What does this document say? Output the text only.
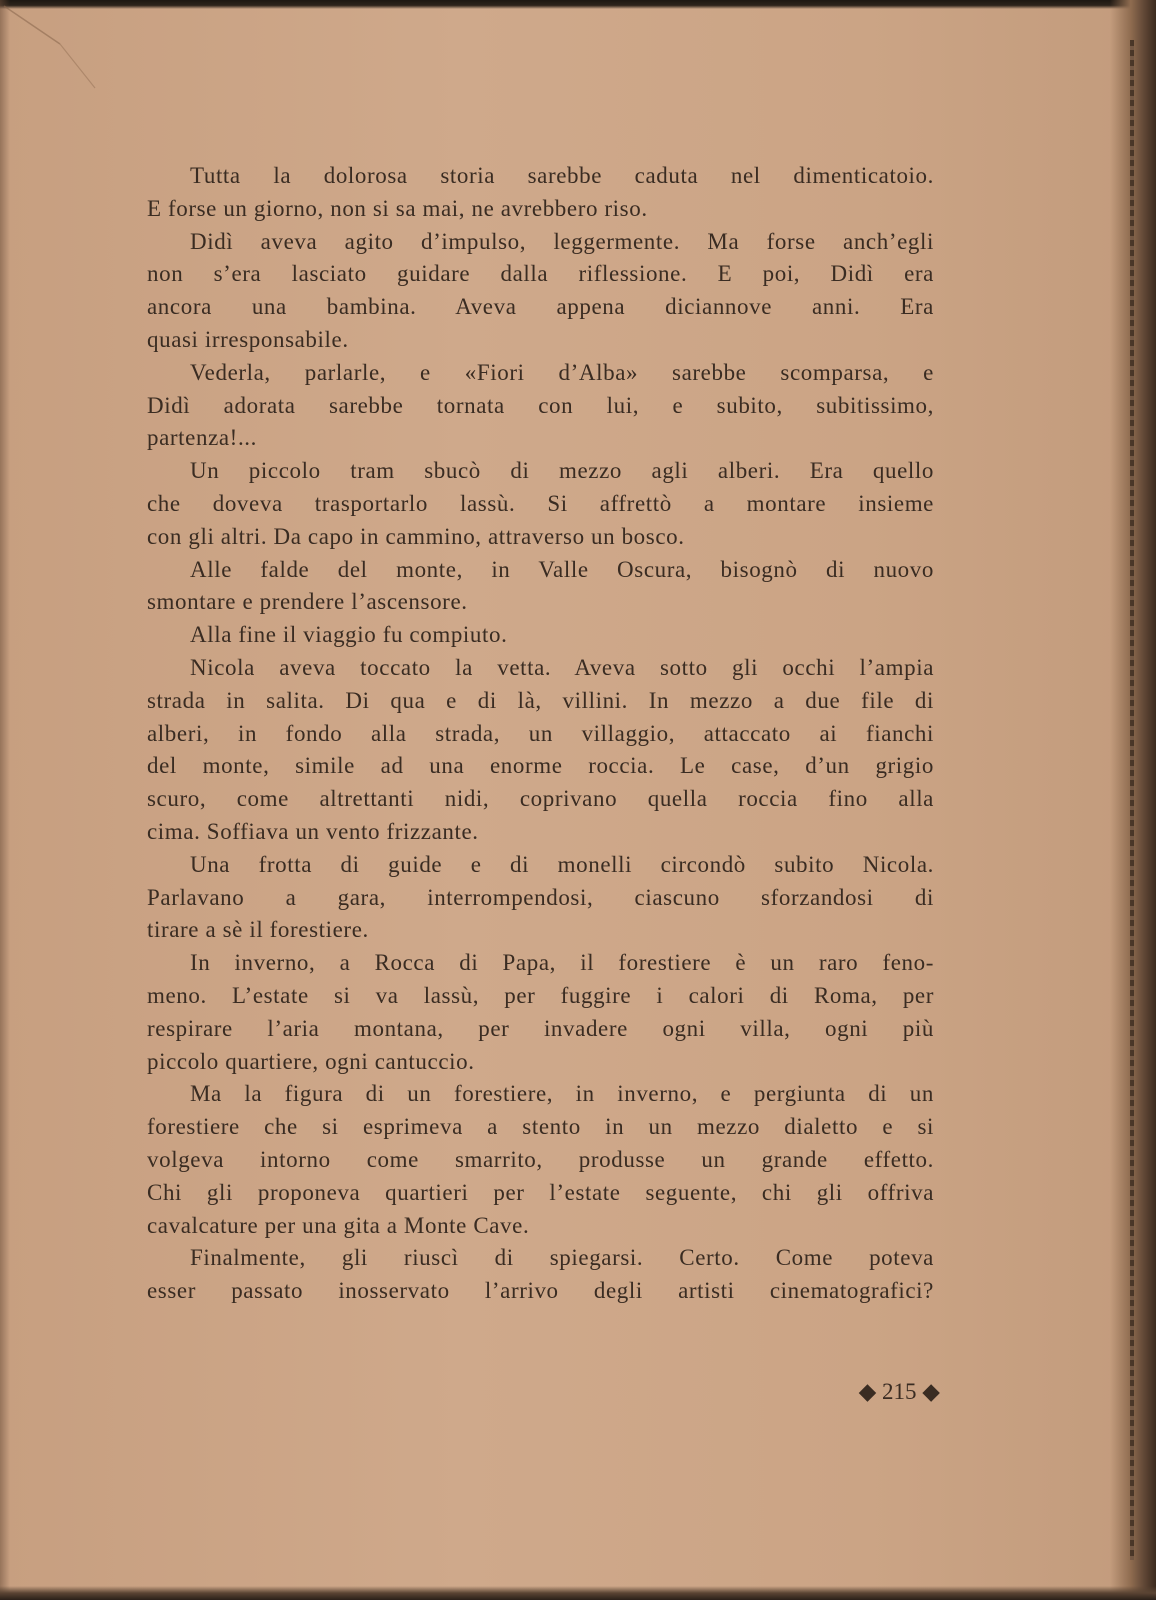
Tutta la dolorosa storia sarebbe caduta nel dimenticatoio.
E forse un giorno, non si sa mai, ne avrebbero riso.
Didì aveva agito d’impulso, leggermente. Ma forse anch’egli
non s’era lasciato guidare dalla riflessione. E poi, Didì era
ancora una bambina. Aveva appena diciannove anni. Era
quasi irresponsabile.
Vederla, parlarle, e «Fiori d’Alba» sarebbe scomparsa, e
Didì adorata sarebbe tornata con lui, e subito, subitissimo,
partenza!...
Un piccolo tram sbucò di mezzo agli alberi. Era quello
che doveva trasportarlo lassù. Si affrettò a montare insieme
con gli altri. Da capo in cammino, attraverso un bosco.
Alle falde del monte, in Valle Oscura, bisognò di nuovo
smontare e prendere l’ascensore.
Alla fine il viaggio fu compiuto.
Nicola aveva toccato la vetta. Aveva sotto gli occhi l’ampia
strada in salita. Di qua e di là, villini. In mezzo a due file di
alberi, in fondo alla strada, un villaggio, attaccato ai fianchi
del monte, simile ad una enorme roccia. Le case, d’un grigio
scuro, come altrettanti nidi, coprivano quella roccia fino alla
cima. Soffiava un vento frizzante.
Una frotta di guide e di monelli circondò subito Nicola.
Parlavano a gara, interrompendosi, ciascuno sforzandosi di
tirare a sè il forestiere.
In inverno, a Rocca di Papa, il forestiere è un raro feno-
meno. L’estate si va lassù, per fuggire i calori di Roma, per
respirare l’aria montana, per invadere ogni villa, ogni più
piccolo quartiere, ogni cantuccio.
Ma la figura di un forestiere, in inverno, e pergiunta di un
forestiere che si esprimeva a stento in un mezzo dialetto e si
volgeva intorno come smarrito, produsse un grande effetto.
Chi gli proponeva quartieri per l’estate seguente, chi gli offriva
cavalcature per una gita a Monte Cave.
Finalmente, gli riuscì di spiegarsi. Certo. Come poteva
esser passato inosservato l’arrivo degli artisti cinematografici?
◆ 215 ◆
